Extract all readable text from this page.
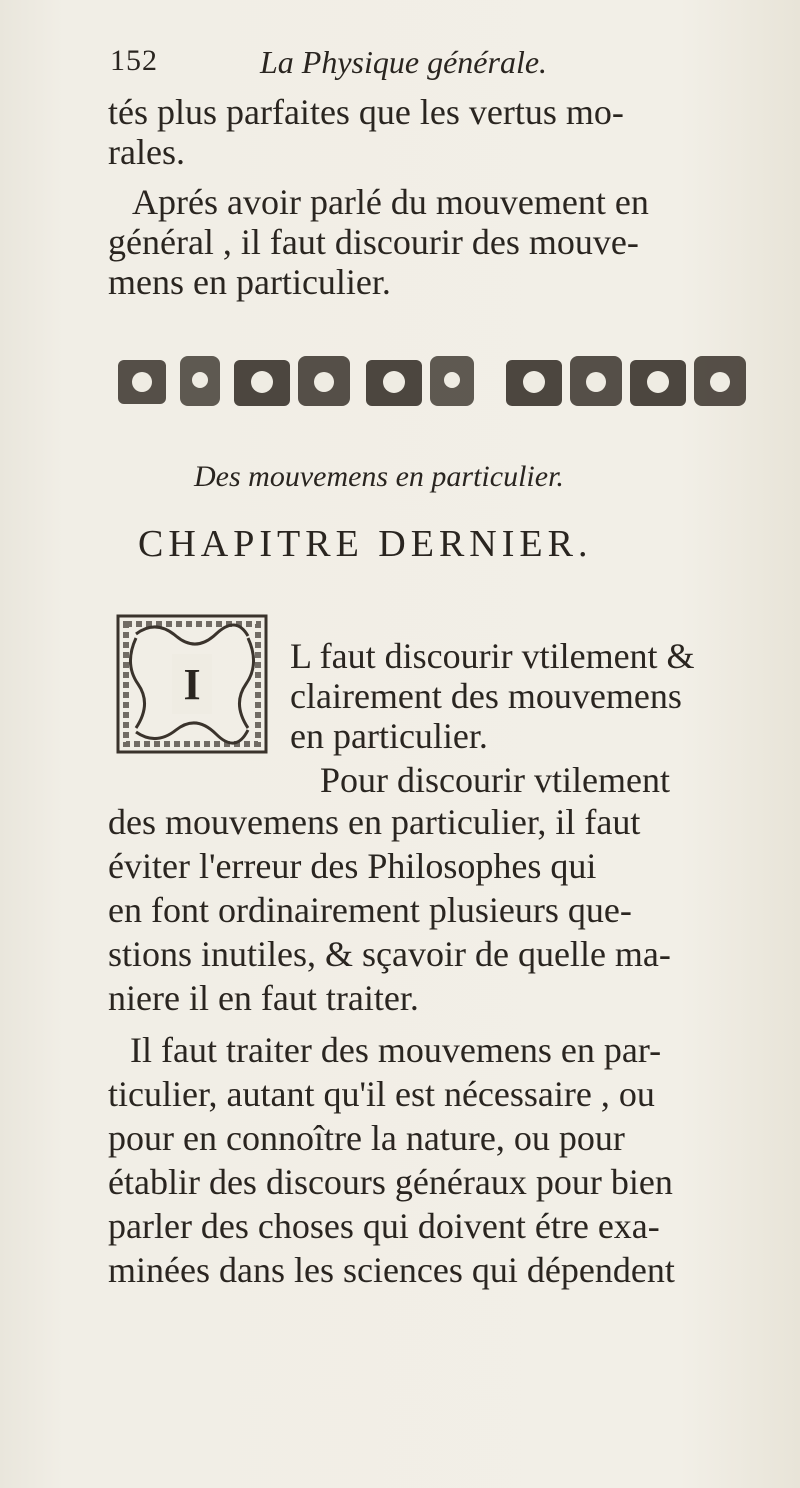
152	La Physique générale.
tés plus parfaites que les vertus mo-
rales.
Aprés avoir parlé du mouvement en
général , il faut discourir des mouve-
mens en particulier.
Des mouvemens en particulier.
CHAPITRE DERNIER.
I
L faut discourir vtilement &
clairement des mouvemens
en particulier.
Pour discourir vtilement
des mouvemens en particulier, il faut
éviter l'erreur des Philosophes qui
en font ordinairement plusieurs que-
stions inutiles, & sçavoir de quelle ma-
niere il en faut traiter.
Il faut traiter des mouvemens en par-
ticulier, autant qu'il est nécessaire , ou
pour en connoître la nature, ou pour
établir des discours généraux pour bien
parler des choses qui doivent étre exa-
minées dans les sciences qui dépendent
